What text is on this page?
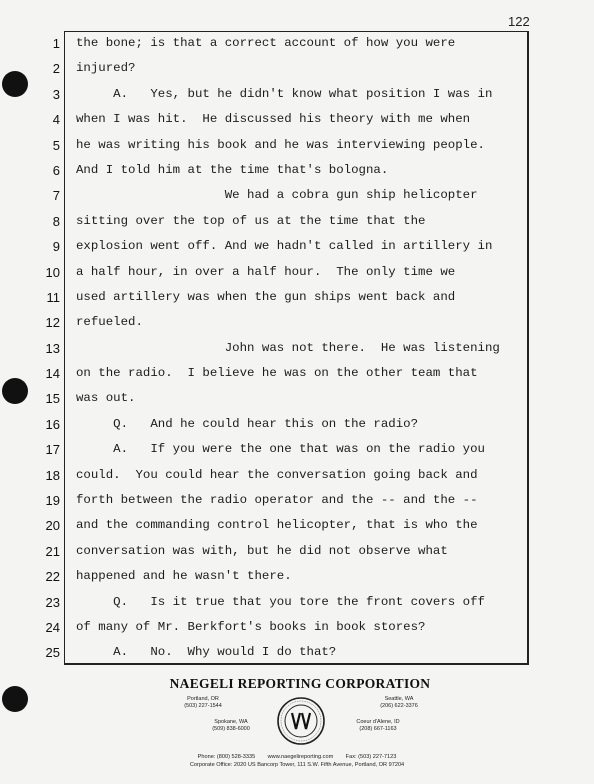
122
1
2
3
4
5
6
7
8
9
10
11
12
13
14
15
16
17
18
19
20
21
22
23
24
25
the bone; is that a correct account of how you were
injured?
A.   Yes, but he didn't know what position I was in
when I was hit.  He discussed his theory with me when
he was writing his book and he was interviewing people.
And I told him at the time that's bologna.
We had a cobra gun ship helicopter
sitting over the top of us at the time that the
explosion went off. And we hadn't called in artillery in
a half hour, in over a half hour.  The only time we
used artillery was when the gun ships went back and
refueled.
John was not there.  He was listening
on the radio.  I believe he was on the other team that
was out.
Q.   And he could hear this on the radio?
A.   If you were the one that was on the radio you
could.  You could hear the conversation going back and
forth between the radio operator and the -- and the --
and the commanding control helicopter, that is who the
conversation was with, but he did not observe what
happened and he wasn't there.
Q.   Is it true that you tore the front covers off
of many of Mr. Berkfort's books in book stores?
A.   No.  Why would I do that?
NAEGELI REPORTING CORPORATION
Portland, OR
(503) 227-1544
Seattle, WA
(206) 622-3376
Spokane, WA
(509) 838-6000
Coeur d'Alene, ID
(208) 667-1163
Phone: (800) 528-3335 www.naegelireporting.com Fax: (503) 227-7123
Corporate Office: 2020 US Bancorp Tower, 111 S.W. Fifth Avenue, Portland, OR 97204
